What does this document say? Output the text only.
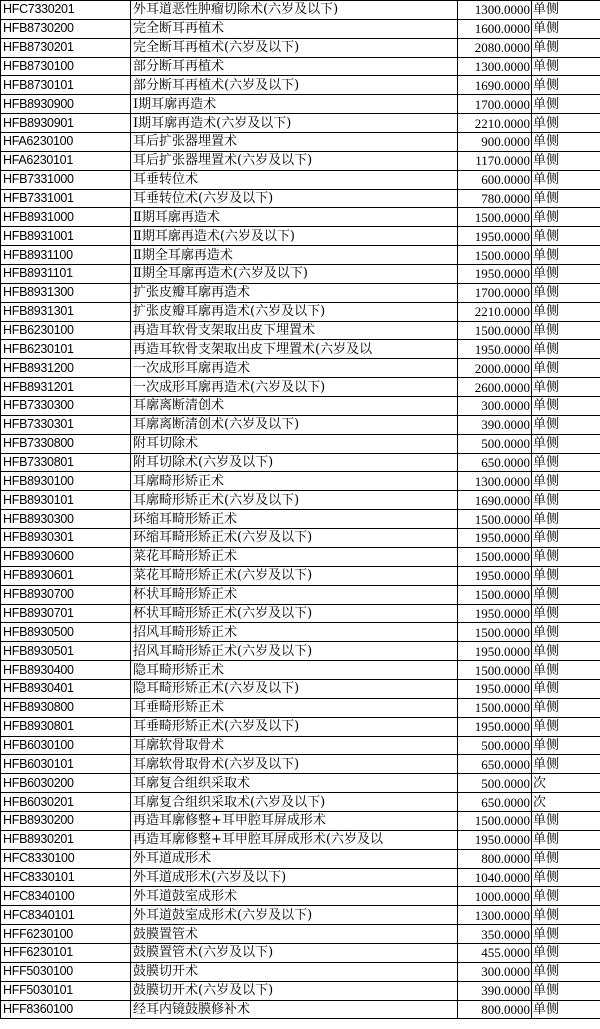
HFC7330201	外耳道恶性肿瘤切除术(六岁及以下)	1300.0000	单侧
HFB8730200	完全断耳再植术	1600.0000	单侧
HFB8730201	完全断耳再植术(六岁及以下)	2080.0000	单侧
HFB8730100	部分断耳再植术	1300.0000	单侧
HFB8730101	部分断耳再植术(六岁及以下)	1690.0000	单侧
HFB8930900	Ⅰ期耳廓再造术	1700.0000	单侧
HFB8930901	Ⅰ期耳廓再造术(六岁及以下)	2210.0000	单侧
HFA6230100	耳后扩张器埋置术	900.0000	单侧
HFA6230101	耳后扩张器埋置术(六岁及以下)	1170.0000	单侧
HFB7331000	耳垂转位术	600.0000	单侧
HFB7331001	耳垂转位术(六岁及以下)	780.0000	单侧
HFB8931000	Ⅱ期耳廓再造术	1500.0000	单侧
HFB8931001	Ⅱ期耳廓再造术(六岁及以下)	1950.0000	单侧
HFB8931100	Ⅱ期全耳廓再造术	1500.0000	单侧
HFB8931101	Ⅱ期全耳廓再造术(六岁及以下)	1950.0000	单侧
HFB8931300	扩张皮瓣耳廓再造术	1700.0000	单侧
HFB8931301	扩张皮瓣耳廓再造术(六岁及以下)	2210.0000	单侧
HFB6230100	再造耳软骨支架取出皮下埋置术	1500.0000	单侧
HFB6230101	再造耳软骨支架取出皮下埋置术(六岁及以	1950.0000	单侧
HFB8931200	一次成形耳廓再造术	2000.0000	单侧
HFB8931201	一次成形耳廓再造术(六岁及以下)	2600.0000	单侧
HFB7330300	耳廓离断清创术	300.0000	单侧
HFB7330301	耳廓离断清创术(六岁及以下)	390.0000	单侧
HFB7330800	附耳切除术	500.0000	单侧
HFB7330801	附耳切除术(六岁及以下)	650.0000	单侧
HFB8930100	耳廓畸形矫正术	1300.0000	单侧
HFB8930101	耳廓畸形矫正术(六岁及以下)	1690.0000	单侧
HFB8930300	环缩耳畸形矫正术	1500.0000	单侧
HFB8930301	环缩耳畸形矫正术(六岁及以下)	1950.0000	单侧
HFB8930600	菜花耳畸形矫正术	1500.0000	单侧
HFB8930601	菜花耳畸形矫正术(六岁及以下)	1950.0000	单侧
HFB8930700	杯状耳畸形矫正术	1500.0000	单侧
HFB8930701	杯状耳畸形矫正术(六岁及以下)	1950.0000	单侧
HFB8930500	招风耳畸形矫正术	1500.0000	单侧
HFB8930501	招风耳畸形矫正术(六岁及以下)	1950.0000	单侧
HFB8930400	隐耳畸形矫正术	1500.0000	单侧
HFB8930401	隐耳畸形矫正术(六岁及以下)	1950.0000	单侧
HFB8930800	耳垂畸形矫正术	1500.0000	单侧
HFB8930801	耳垂畸形矫正术(六岁及以下)	1950.0000	单侧
HFB6030100	耳廓软骨取骨术	500.0000	单侧
HFB6030101	耳廓软骨取骨术(六岁及以下)	650.0000	单侧
HFB6030200	耳廓复合组织采取术	500.0000	次
HFB6030201	耳廓复合组织采取术(六岁及以下)	650.0000	次
HFB8930200	再造耳廓修整+耳甲腔耳屏成形术	1500.0000	单侧
HFB8930201	再造耳廓修整+耳甲腔耳屏成形术(六岁及以	1950.0000	单侧
HFC8330100	外耳道成形术	800.0000	单侧
HFC8330101	外耳道成形术(六岁及以下)	1040.0000	单侧
HFC8340100	外耳道鼓室成形术	1000.0000	单侧
HFC8340101	外耳道鼓室成形术(六岁及以下)	1300.0000	单侧
HFF6230100	鼓膜置管术	350.0000	单侧
HFF6230101	鼓膜置管术(六岁及以下)	455.0000	单侧
HFF5030100	鼓膜切开术	300.0000	单侧
HFF5030101	鼓膜切开术(六岁及以下)	390.0000	单侧
HFF8360100	经耳内镜鼓膜修补术	800.0000	单侧
